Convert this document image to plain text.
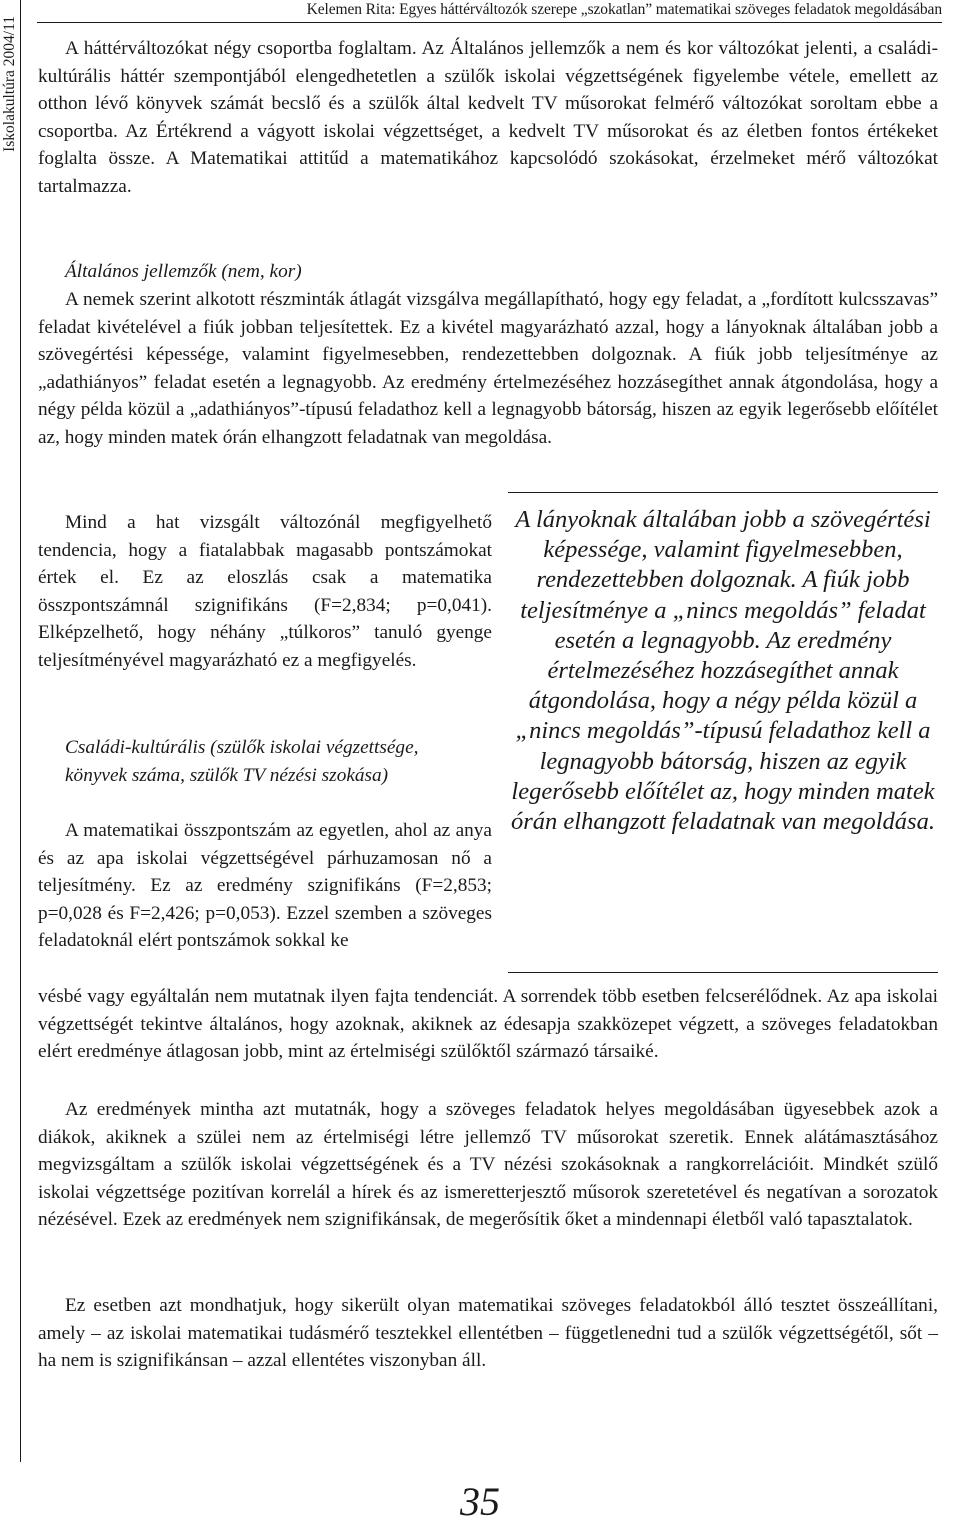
Iskolakultúra 2004/11
Kelemen Rita: Egyes háttérváltozók szerepe „szokatlan” matematikai szöveges feladatok megoldásában

A háttérváltozókat négy csoportba foglaltam. Az Általános jellemzők a nem és kor változókat jelenti, a családi-kultúrális háttér szempontjából elengedhetetlen a szülők iskolai végzettségének figyelembe vétele, emellett az otthon lévő könyvek számát becslő és a szülők által kedvelt TV műsorokat felmérő változókat soroltam ebbe a csoportba. Az Értékrend a vágyott iskolai végzettséget, a kedvelt TV műsorokat és az életben fontos értékeket foglalta össze. A Matematikai attitűd a matematikához kapcsolódó szokásokat, érzelmeket mérő változókat tartalmazza.

Általános jellemzők (nem, kor)

A nemek szerint alkotott részminták átlagát vizsgálva megállapítható, hogy egy feladat, a „fordított kulcsszavas” feladat kivételével a fiúk jobban teljesítettek. Ez a kivétel magyarázható azzal, hogy a lányoknak általában jobb a szövegértési képessége, valamint figyelmesebben, rendezettebben dolgoznak. A fiúk jobb teljesítménye az „adathiányos” feladat esetén a legnagyobb. Az eredmény értelmezéséhez hozzásegíthet annak átgondolása, hogy a négy példa közül a „adathiányos”-típusú feladathoz kell a legnagyobb bátorság, hiszen az egyik legerősebb előítélet az, hogy minden matek órán elhangzott feladatnak van megoldása.

A lányoknak általában jobb a szövegértési képessége, valamint figyelmesebben, rendezettebben dolgoznak. A fiúk jobb teljesítménye a „nincs megoldás” feladat esetén a legnagyobb. Az eredmény értelmezéséhez hozzásegíthet annak átgondolása, hogy a négy példa közül a „nincs megoldás”-típusú feladathoz kell a legnagyobb bátorság, hiszen az egyik legerősebb előítélet az, hogy minden matek órán elhangzott feladatnak van megoldása.

Mind a hat vizsgált változónál megfigyelhető tendencia, hogy a fiatalabbak magasabb pontszámokat értek el. Ez az eloszlás csak a matematika összpontszámnál szignifikáns (F=2,834; p=0,041). Elképzelhető, hogy néhány „túlkoros” tanuló gyenge teljesítményével magyarázható ez a megfigyelés.

Családi-kultúrális (szülők iskolai végzettsége, könyvek száma, szülők TV nézési szokása)

A matematikai összpontszám az egyetlen, ahol az anya és az apa iskolai végzettségével párhuzamosan nő a teljesítmény. Ez az eredmény szignifikáns (F=2,853; p=0,028 és F=2,426; p=0,053). Ezzel szemben a szöveges feladatoknál elért pontszámok sokkal ke

vésbé vagy egyáltalán nem mutatnak ilyen fajta tendenciát. A sorrendek több esetben felcserélődnek. Az apa iskolai végzettségét tekintve általános, hogy azoknak, akiknek az édesapja szakközepet végzett, a szöveges feladatokban elért eredménye átlagosan jobb, mint az értelmiségi szülőktől származó társaiké.

Az eredmények mintha azt mutatnák, hogy a szöveges feladatok helyes megoldásában ügyesebbek azok a diákok, akiknek a szülei nem az értelmiségi létre jellemző TV műsorokat szeretik. Ennek alátámasztásához megvizsgáltam a szülők iskolai végzettségének és a TV nézési szokásoknak a rangkorrelációit. Mindkét szülő iskolai végzettsége pozitívan korrelál a hírek és az ismeretterjesztő műsorok szeretetével és negatívan a sorozatok nézésével. Ezek az eredmények nem szignifikánsak, de megerősítik őket a mindennapi életből való tapasztalatok.

Ez esetben azt mondhatjuk, hogy sikerült olyan matematikai szöveges feladatokból álló tesztet összeállítani, amely – az iskolai matematikai tudásmérő tesztekkel ellentétben – függetlenedni tud a szülők végzettségétől, sőt – ha nem is szignifikánsan – azzal ellentétes viszonyban áll.

35
